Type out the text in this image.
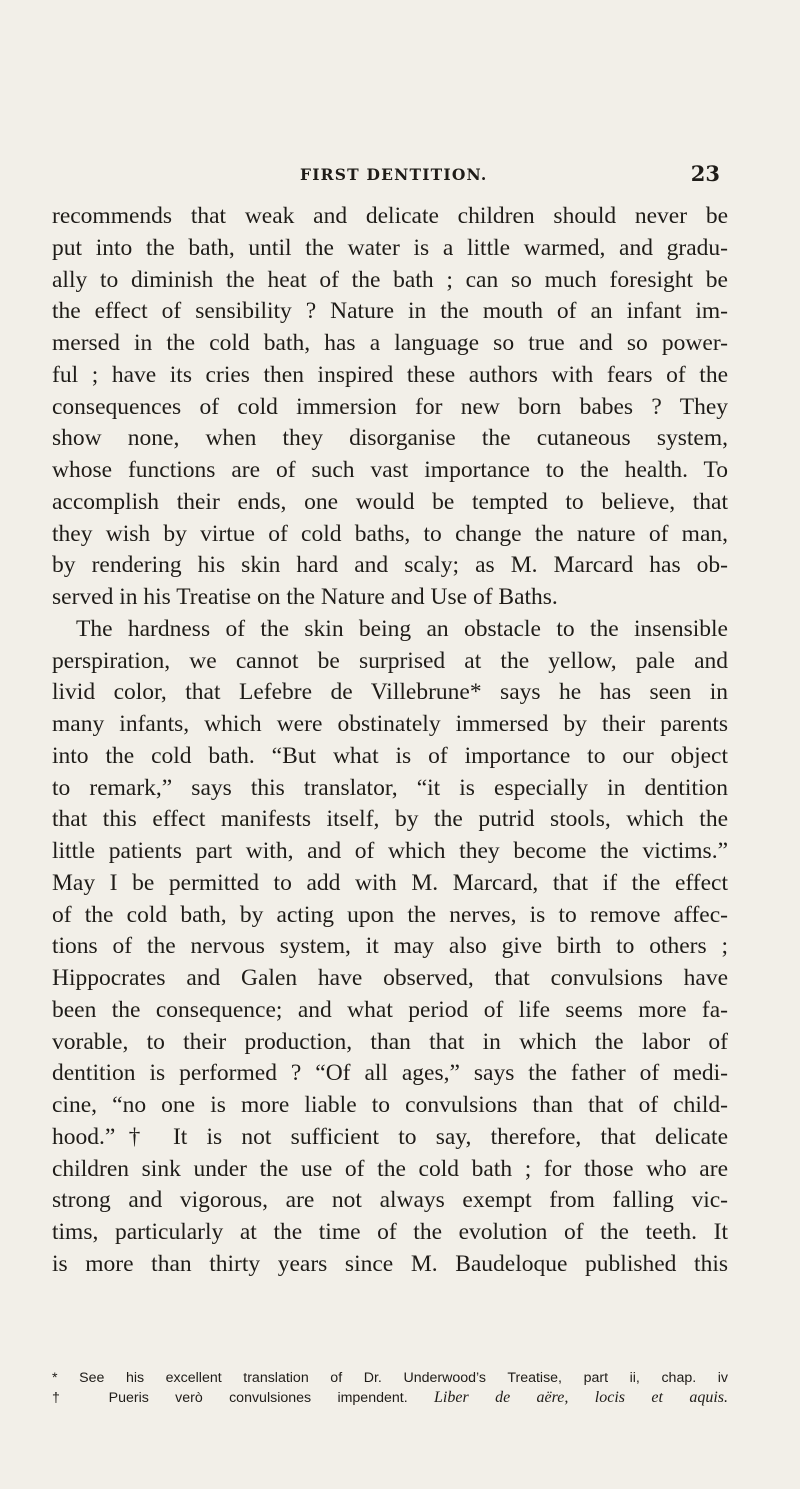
FIRST DENTITION.	23
recommends that weak and delicate children should never be
put into the bath, until the water is a little warmed, and gradu-
ally to diminish the heat of the bath ; can so much foresight be
the effect of sensibility ? Nature in the mouth of an infant im-
mersed in the cold bath, has a language so true and so power-
ful ; have its cries then inspired these authors with fears of the
consequences of cold immersion for new born babes ? They
show none, when they disorganise the cutaneous system,
whose functions are of such vast importance to the health. To
accomplish their ends, one would be tempted to believe, that
they wish by virtue of cold baths, to change the nature of man,
by rendering his skin hard and scaly; as M. Marcard has ob-
served in his Treatise on the Nature and Use of Baths.
The hardness of the skin being an obstacle to the insensible
perspiration, we cannot be surprised at the yellow, pale and
livid color, that Lefebre de Villebrune* says he has seen in
many infants, which were obstinately immersed by their parents
into the cold bath. “But what is of importance to our object
to remark,” says this translator, “it is especially in dentition
that this effect manifests itself, by the putrid stools, which the
little patients part with, and of which they become the victims.”
May I be permitted to add with M. Marcard, that if the effect
of the cold bath, by acting upon the nerves, is to remove affec-
tions of the nervous system, it may also give birth to others ;
Hippocrates and Galen have observed, that convulsions have
been the consequence; and what period of life seems more fa-
vorable, to their production, than that in which the labor of
dentition is performed ? “Of all ages,” says the father of medi-
cine, “no one is more liable to convulsions than that of child-
hood.”† It is not sufficient to say, therefore, that delicate
children sink under the use of the cold bath ; for those who are
strong and vigorous, are not always exempt from falling vic-
tims, particularly at the time of the evolution of the teeth. It
is more than thirty years since M. Baudeloque published this
* See his excellent translation of Dr. Underwood’s Treatise, part ii, chap. iv
† Pueris verò convulsiones impendent. Liber de aëre, locis et aquis.
